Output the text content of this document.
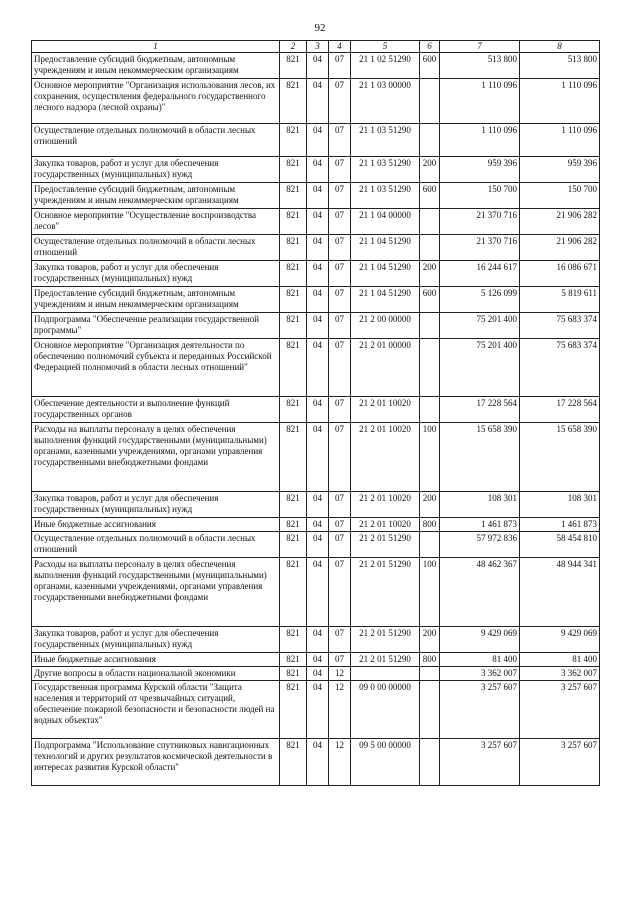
92
1	2	3	4	5	6	7	8
Предоставление субсидий бюджетным, автономным учреждениям и иным некоммерческим организациям	821	04	07	21 1 02 51290	600	513 800	513 800
Основное мероприятие "Организация использования лесов, их сохранения, осуществления федерального государственного лесного надзора (лесной охраны)"	821	04	07	21 1 03 00000		1 110 096	1 110 096
Осуществление отдельных полномочий в области лесных отношений	821	04	07	21 1 03 51290		1 110 096	1 110 096
Закупка товаров, работ и услуг для обеспечения государственных (муниципальных) нужд	821	04	07	21 1 03 51290	200	959 396	959 396
Предоставление субсидий бюджетным, автономным учреждениям и иным некоммерческим организациям	821	04	07	21 1 03 51290	600	150 700	150 700
Основное мероприятие "Осуществление воспроизводства лесов"	821	04	07	21 1 04 00000		21 370 716	21 906 282
Осуществление отдельных полномочий в области лесных отношений	821	04	07	21 1 04 51290		21 370 716	21 906 282
Закупка товаров, работ и услуг для обеспечения государственных (муниципальных) нужд	821	04	07	21 1 04 51290	200	16 244 617	16 086 671
Предоставление субсидий бюджетным, автономным учреждениям и иным некоммерческим организациям	821	04	07	21 1 04 51290	600	5 126 099	5 819 611
Подпрограмма "Обеспечение реализации государственной программы"	821	04	07	21 2 00 00000		75 201 400	75 683 374
Основное мероприятие "Организация деятельности по обеспечению полномочий субъекта и переданных Российской Федерацией полномочий в области лесных отношений"	821	04	07	21 2 01 00000		75 201 400	75 683 374
Обеспечение деятельности и выполнение функций государственных органов	821	04	07	21 2 01 10020		17 228 564	17 228 564
Расходы на выплаты персоналу в целях обеспечения выполнения функций государственными (муниципальными) органами, казенными учреждениями, органами управления государственными внебюджетными фондами	821	04	07	21 2 01 10020	100	15 658 390	15 658 390
Закупка товаров, работ и услуг для обеспечения государственных (муниципальных) нужд	821	04	07	21 2 01 10020	200	108 301	108 301
Иные бюджетные ассигнования	821	04	07	21 2 01 10020	800	1 461 873	1 461 873
Осуществление отдельных полномочий в области лесных отношений	821	04	07	21 2 01 51290		57 972 836	58 454 810
Расходы на выплаты персоналу в целях обеспечения выполнения функций государственными (муниципальными) органами, казенными учреждениями, органами управления государственными внебюджетными фондами	821	04	07	21 2 01 51290	100	48 462 367	48 944 341
Закупка товаров, работ и услуг для обеспечения государственных (муниципальных) нужд	821	04	07	21 2 01 51290	200	9 429 069	9 429 069
Иные бюджетные ассигнования	821	04	07	21 2 01 51290	800	81 400	81 400
Другие вопросы в области национальной экономики	821	04	12			3 362 007	3 362 007
Государственная программа Курской области "Защита населения и территорий от чрезвычайных ситуаций, обеспечение пожарной безопасности и безопасности людей на водных объектах"	821	04	12	09 0 00 00000		3 257 607	3 257 607
Подпрограмма "Использование спутниковых навигационных технологий и других результатов космической деятельности в интересах развития Курской области"	821	04	12	09 5 00 00000		3 257 607	3 257 607
